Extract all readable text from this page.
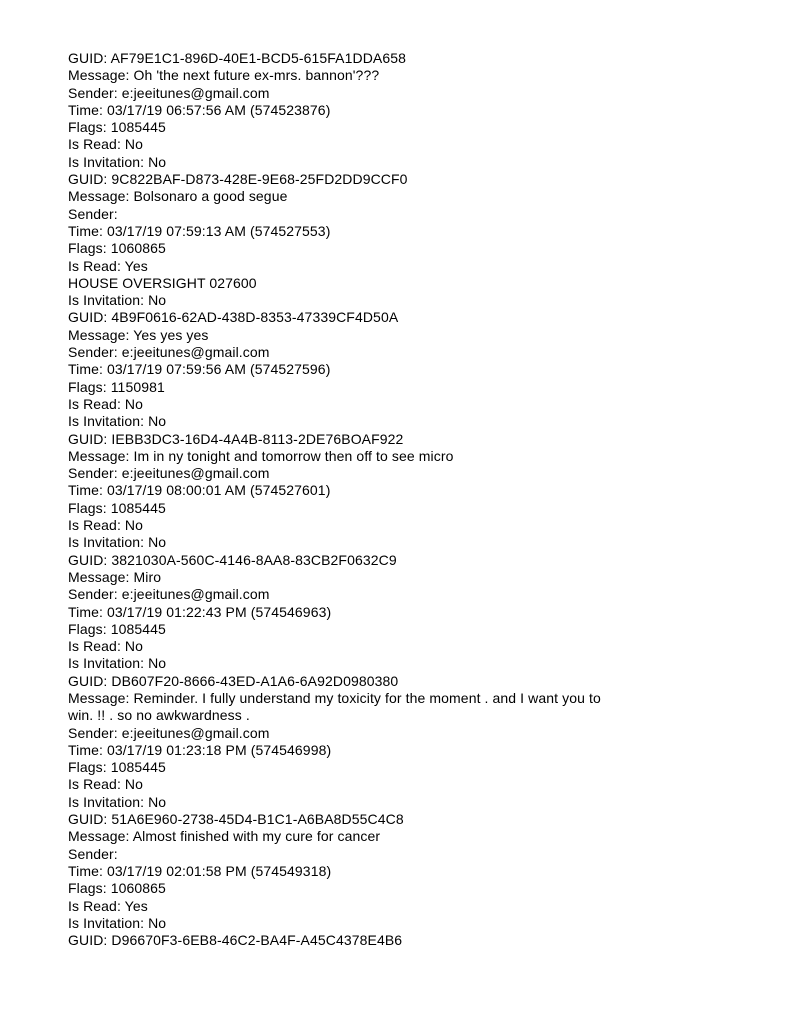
GUID: AF79E1C1-896D-40E1-BCD5-615FA1DDA658
Message: Oh 'the next future ex-mrs. bannon'???
Sender: e:jeeitunes@gmail.com
Time: 03/17/19 06:57:56 AM (574523876)
Flags: 1085445
Is Read: No
Is Invitation: No
GUID: 9C822BAF-D873-428E-9E68-25FD2DD9CCF0
Message: Bolsonaro a good segue
Sender:
Time: 03/17/19 07:59:13 AM (574527553)
Flags: 1060865
Is Read: Yes
HOUSE OVERSIGHT 027600
Is Invitation: No
GUID: 4B9F0616-62AD-438D-8353-47339CF4D50A
Message: Yes yes yes
Sender: e:jeeitunes@gmail.com
Time: 03/17/19 07:59:56 AM (574527596)
Flags: 1150981
Is Read: No
Is Invitation: No
GUID: IEBB3DC3-16D4-4A4B-8113-2DE76BOAF922
Message: Im in ny tonight and tomorrow then off to see micro
Sender: e:jeeitunes@gmail.com
Time: 03/17/19 08:00:01 AM (574527601)
Flags: 1085445
Is Read: No
Is Invitation: No
GUID: 3821030A-560C-4146-8AA8-83CB2F0632C9
Message: Miro
Sender: e:jeeitunes@gmail.com
Time: 03/17/19 01:22:43 PM (574546963)
Flags: 1085445
Is Read: No
Is Invitation: No
GUID: DB607F20-8666-43ED-A1A6-6A92D0980380
Message: Reminder. I fully understand my toxicity for the moment . and I want you to
win. !! . so no awkwardness .
Sender: e:jeeitunes@gmail.com
Time: 03/17/19 01:23:18 PM (574546998)
Flags: 1085445
Is Read: No
Is Invitation: No
GUID: 51A6E960-2738-45D4-B1C1-A6BA8D55C4C8
Message: Almost finished with my cure for cancer
Sender:
Time: 03/17/19 02:01:58 PM (574549318)
Flags: 1060865
Is Read: Yes
Is Invitation: No
GUID: D96670F3-6EB8-46C2-BA4F-A45C4378E4B6
